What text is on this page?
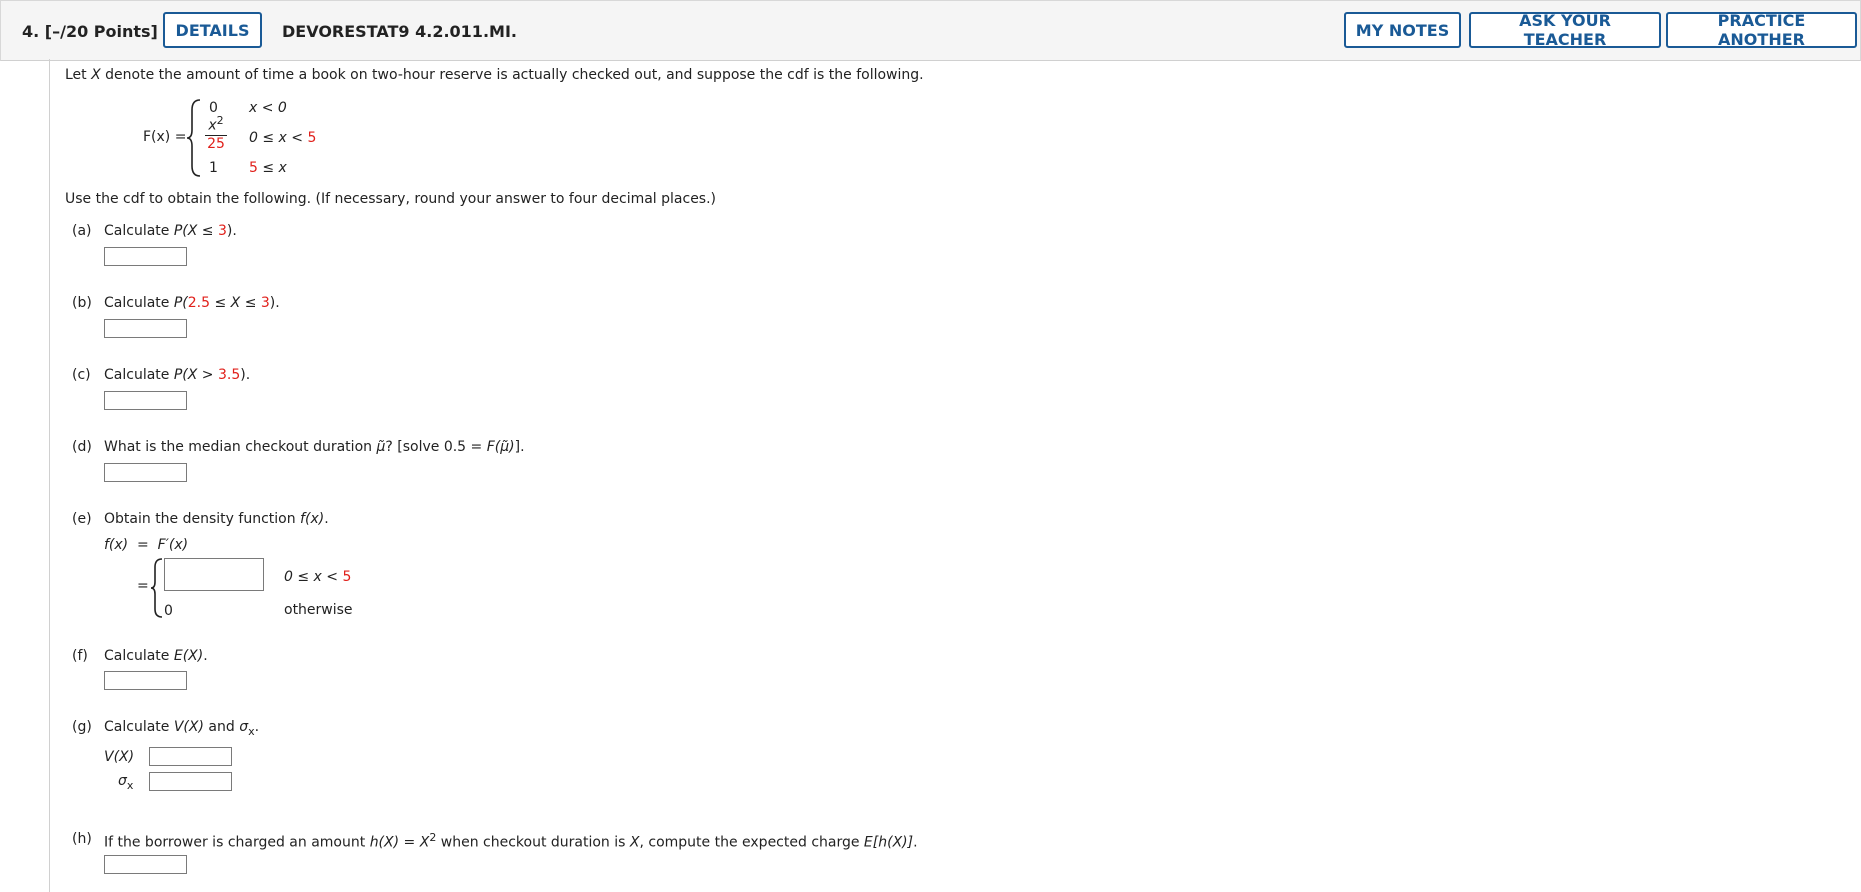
4. [–/20 Points]	DETAILS	DEVORESTAT9 4.2.011.MI.	MY NOTES	ASK YOUR TEACHER
PRACTICE ANOTHER
Let X denote the amount of time a book on two-hour reserve is actually checked out, and suppose the cdf is the following.
F(x) =
0 x < 0
$x^2$
25 0 ≤ x < 5
1 5 ≤ x
Use the cdf to obtain the following. (If necessary, round your answer to four decimal places.)
(a) Calculate P(X ≤ 3).
(b) Calculate P(2.5 ≤ X ≤ 3).
(c) Calculate P(X > 3.5).
(d) What is the median checkout duration μ̃? [solve 0.5 = F(μ̃)].
(e) Obtain the density function f(x).
f(x)  =  F′(x)
=
0 ≤ x < 5
0	otherwise
(f) Calculate E(X).
(g) Calculate V(X) and $\sigma_x$.
V(X)
$\sigma_x$
(h) If the borrower is charged an amount $h(X) = X^2$ when checkout duration is X, compute the expected charge E[h(X)].
